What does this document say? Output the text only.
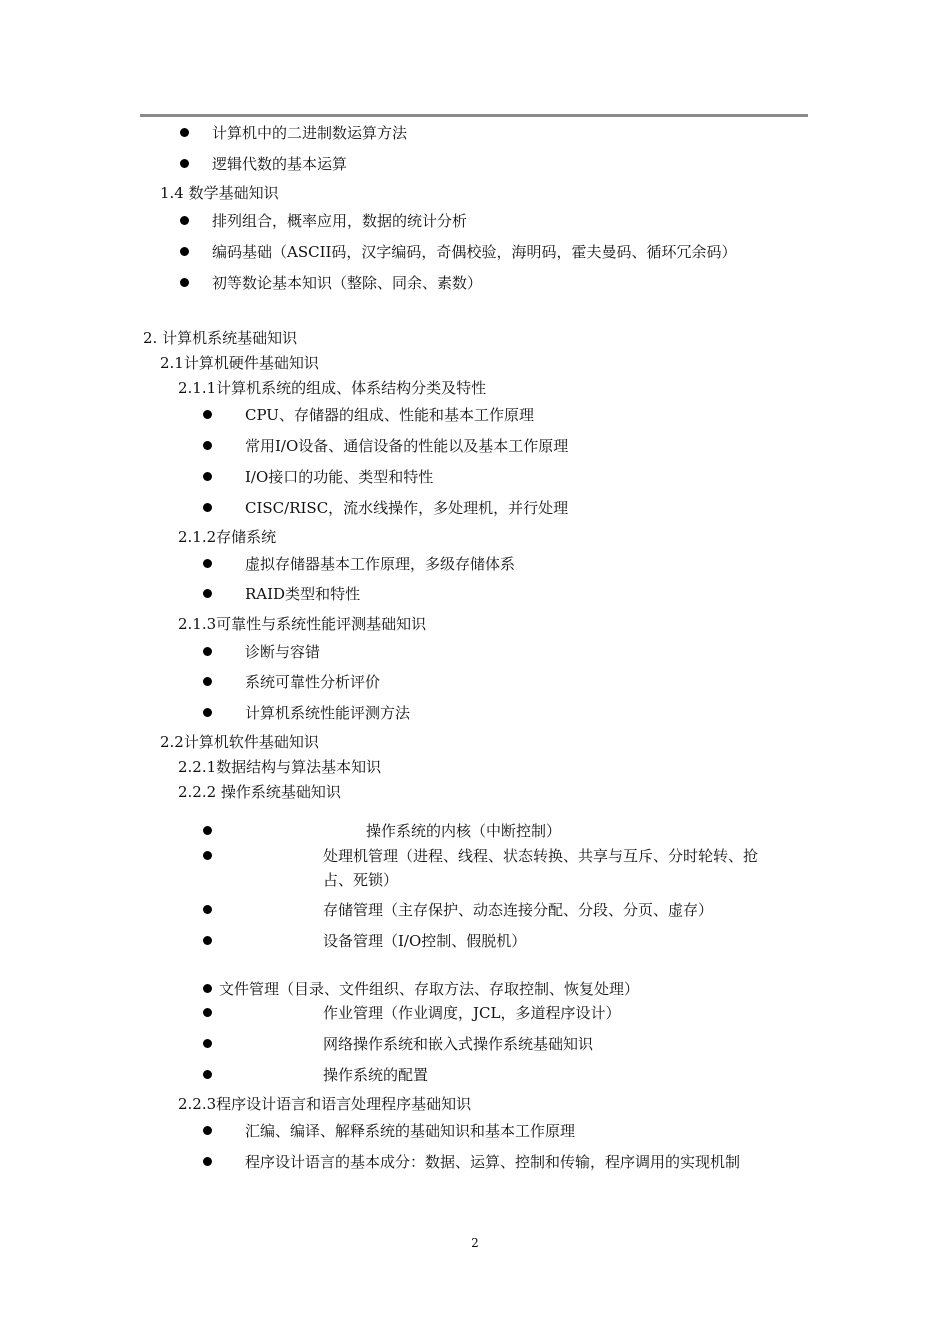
计算机中的二进制数运算方法
逻辑代数的基本运算
1.4 数学基础知识
排列组合，概率应用，数据的统计分析
编码基础（ASCII码，汉字编码，奇偶校验，海明码，霍夫曼码、循环冗余码）
初等数论基本知识（整除、同余、素数）
2. 计算机系统基础知识
2.1计算机硬件基础知识
2.1.1计算机系统的组成、体系结构分类及特性
CPU、存储器的组成、性能和基本工作原理
常用I/O设备、通信设备的性能以及基本工作原理
I/O接口的功能、类型和特性
CISC/RISC，流水线操作，多处理机，并行处理
2.1.2存储系统
虚拟存储器基本工作原理，多级存储体系
RAID类型和特性
2.1.3可靠性与系统性能评测基础知识
诊断与容错
系统可靠性分析评价
计算机系统性能评测方法
2.2计算机软件基础知识
2.2.1数据结构与算法基本知识
2.2.2 操作系统基础知识
操作系统的内核（中断控制）
处理机管理（进程、线程、状态转换、共享与互斥、分时轮转、抢
占、死锁）
存储管理（主存保护、动态连接分配、分段、分页、虚存）
设备管理（I/O控制、假脱机）
文件管理（目录、文件组织、存取方法、存取控制、恢复处理）
作业管理（作业调度，JCL，多道程序设计）
网络操作系统和嵌入式操作系统基础知识
操作系统的配置
2.2.3程序设计语言和语言处理程序基础知识
汇编、编译、解释系统的基础知识和基本工作原理
程序设计语言的基本成分：数据、运算、控制和传输，程序调用的实现机制
2
